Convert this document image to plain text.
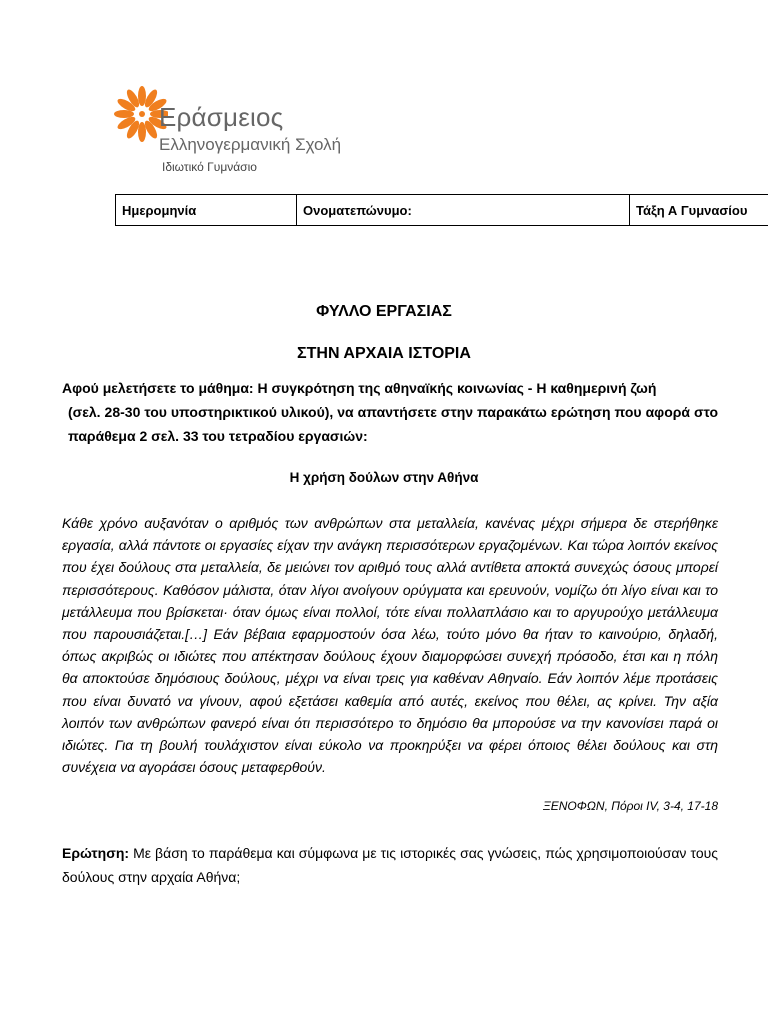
Εράσμειος
Ελληνογερμανική Σχολή
Ιδιωτικό Γυμνάσιο
Ημερομηνία	Ονοματεπώνυμο:	Τάξη Α Γυμνασίου
ΦΥΛΛΟ ΕΡΓΑΣΙΑΣ
ΣΤΗΝ ΑΡΧΑΙΑ ΙΣΤΟΡΙΑ

Αφού μελετήσετε το μάθημα: Η συγκρότηση της αθηναϊκής κοινωνίας - Η καθημερινή ζωή

(σελ. 28-30 του υποστηρικτικού υλικού), να απαντήσετε στην παρακάτω ερώτηση που αφορά στο παράθεμα 2 σελ. 33 του τετραδίου εργασιών:

Η χρήση δούλων στην Αθήνα
Κάθε χρόνο αυξανόταν ο αριθμός των ανθρώπων στα μεταλλεία, κανένας μέχρι σήμερα δε στερήθηκε εργασία, αλλά πάντοτε οι εργασίες είχαν την ανάγκη περισσότερων εργαζομένων. Και τώρα λοιπόν εκείνος που έχει δούλους στα μεταλλεία, δε μειώνει τον αριθμό τους αλλά αντίθετα αποκτά συνεχώς όσους μπορεί περισσότερους. Καθόσον μάλιστα, όταν λίγοι ανοίγουν ορύγματα και ερευνούν, νομίζω ότι λίγο είναι και το μετάλλευμα που βρίσκεται· όταν όμως είναι πολλοί, τότε είναι πολλαπλάσιο και το αργυρούχο μετάλλευμα που παρουσιάζεται.[…] Εάν βέβαια εφαρμοστούν όσα λέω, τούτο μόνο θα ήταν το καινούριο, δηλαδή, όπως ακριβώς οι ιδιώτες που απέκτησαν δούλους έχουν διαμορφώσει συνεχή πρόσοδο, έτσι και η πόλη θα αποκτούσε δημόσιους δούλους, μέχρι να είναι τρεις για καθέναν Αθηναίο. Εάν λοιπόν λέμε προτάσεις που είναι δυνατό να γίνουν, αφού εξετάσει καθεμία από αυτές, εκείνος που θέλει, ας κρίνει. Την αξία λοιπόν των ανθρώπων φανερό είναι ότι περισσότερο το δημόσιο θα μπορούσε να την κανονίσει παρά οι ιδιώτες. Για τη βουλή τουλάχιστον είναι εύκολο να προκηρύξει να φέρει όποιος θέλει δούλους και στη συνέχεια να αγοράσει όσους μεταφερθούν.
ΞΕΝΟΦΩΝ, Πόροι IV, 3-4, 17-18
Ερώτηση: Με βάση το παράθεμα και σύμφωνα με τις ιστορικές σας γνώσεις, πώς χρησιμοποιούσαν τους δούλους στην αρχαία Αθήνα;
